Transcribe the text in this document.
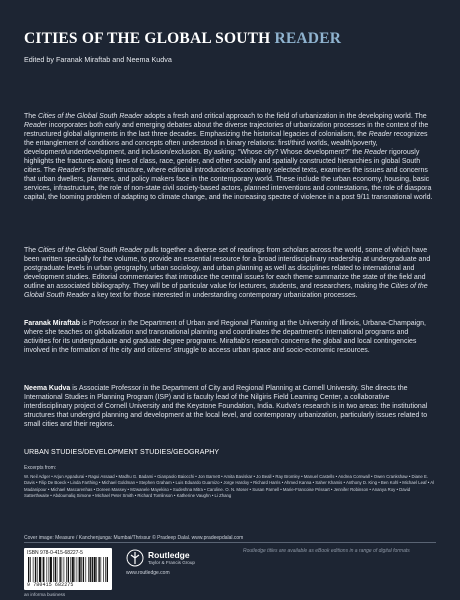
CITIES OF THE GLOBAL SOUTH READER
Edited by Faranak Miraftab and Neema Kudva

The Cities of the Global South Reader adopts a fresh and critical approach to the field of urbanization in the developing world. The Reader incorporates both early and emerging debates about the diverse trajectories of urbanization processes in the context of the restructured global alignments in the last three decades. Emphasizing the historical legacies of colonialism, the Reader recognizes the entanglement of conditions and concepts often understood in binary relations: first/third worlds, wealth/poverty, development/underdevelopment, and inclusion/exclusion. By asking: “Whose city? Whose development?” the Reader rigorously highlights the fractures along lines of class, race, gender, and other socially and spatially constructed hierarchies in global South cities. The Reader's thematic structure, where editorial introductions accompany selected texts, examines the issues and concerns that urban dwellers, planners, and policy makers face in the contemporary world. These include the urban economy, housing, basic services, infrastructure, the role of non-state civil society-based actors, planned interventions and contestations, the role of diaspora capital, the looming problem of adapting to climate change, and the increasing spectre of violence in a post 9/11 transnational world.

The Cities of the Global South Reader pulls together a diverse set of readings from scholars across the world, some of which have been written specially for the volume, to provide an essential resource for a broad interdisciplinary readership at undergraduate and postgraduate levels in urban geography, urban sociology, and urban planning as well as disciplines related to international and development studies. Editorial commentaries that introduce the central issues for each theme summarize the state of the field and outline an associated bibliography. They will be of particular value for lecturers, students, and researchers, making the Cities of the Global South Reader a key text for those interested in understanding contemporary urbanization processes.

Faranak Miraftab is Professor in the Department of Urban and Regional Planning at the University of Illinois, Urbana-Champaign, where she teaches on globalization and transnational planning and coordinates the department's international programs and activities for its undergraduate and graduate degree programs. Miraftab's research concerns the global and local contingencies involved in the formation of the city and citizens' struggle to access urban space and socio-economic resources.

Neema Kudva is Associate Professor in the Department of City and Regional Planning at Cornell University. She directs the International Studies in Planning Program (ISP) and is faculty lead of the Nilgiris Field Learning Center, a collaborative interdisciplinary project of Cornell University and the Keystone Foundation, India. Kudva's research is in two areas: the institutional structures that undergird planning and development at the local level, and contemporary urbanization, particularly issues related to small cities and their regions.

URBAN STUDIES/DEVELOPMENT STUDIES/GEOGRAPHY
Excerpts from:
W. Neil Adger • Arjun Appadurai • Ragui Assaad • Madhu G. Badami • Gianpaolo Baiocchi • Jon Barnett • Amita Baviskar • Jo Beall • Ray Bromley • Manuel Castells • Andrea Cornwall • Owen Crankshaw • Diane E. Davis • Filip De Boeck • Linda Farthing • Michael Goldman • Stephen Graham • Luis Eduardo Guarnizo • Jorge Hardoy • Richard Harris • Ahmed Kanna • Saher Khamis • Anthony D. King • Ben Kohl • Michael Leaf • Al Madanipour • Michael Mascarenhas • Doreen Massey • Mzwanele Mayekiso • Sudeshna Mitra • Caroline. O. N. Moser • Susan Parnell • Marie-Francoise Prissart • Jennifer Robinson • Ananya Roy • David Satterthwaite • Abdoumaliq Simone • Michael Peter Smith • Richard Tomlinson • Katherine Vaughn • Li Zhang
Cover image: Measure / Kanchenjunga: Mumbai/Thrissur © Pradeep Dalal. www.pradeepdalal.com
ISBN 978-0-415-68227-5
9 780415 682275
an informa business
Routledge
Taylor & Francis Group
www.routledge.com
Routledge titles are available as eBook editions in a range of digital formats
